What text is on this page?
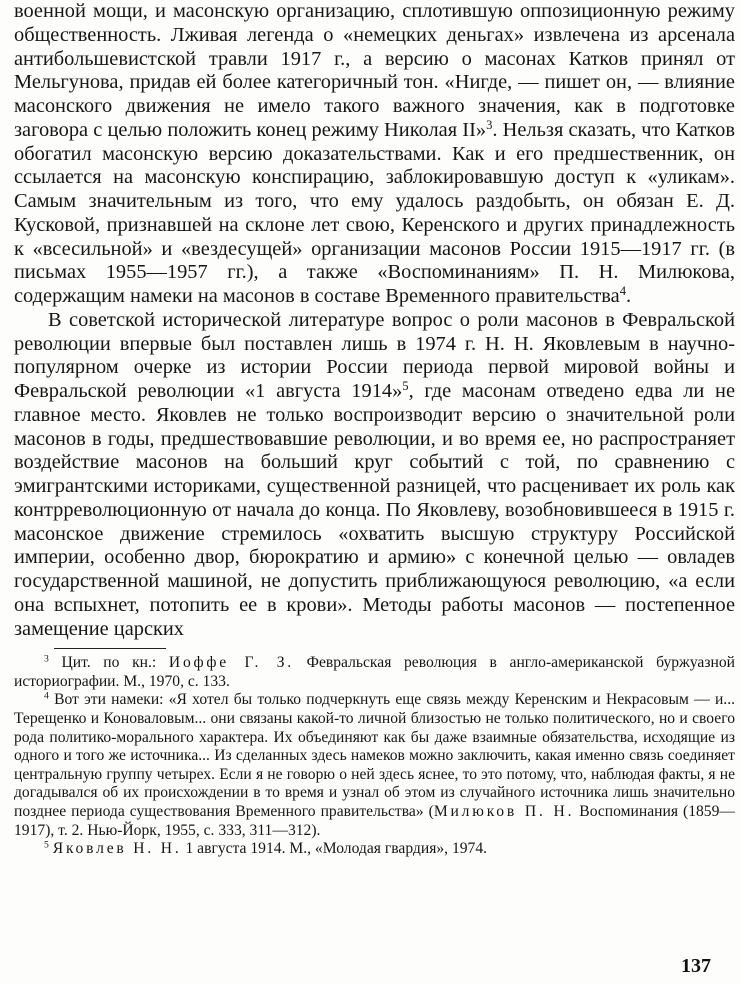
военной мощи, и масонскую организацию, сплотившую оппозиционную режиму общественность. Лживая легенда о «немецких деньгах» извлечена из арсенала антибольшевистской травли 1917 г., а версию о масонах Катков принял от Мельгунова, придав ей более категоричный тон. «Нигде, — пишет он, — влияние масонского движения не имело такого важного значения, как в подготовке заговора с целью положить конец режиму Николая II»$^3$. Нельзя сказать, что Катков обогатил масонскую версию доказательствами. Как и его предшественник, он ссылается на масонскую конспирацию, заблокировавшую доступ к «уликам». Самым значительным из того, что ему удалось раздобыть, он обязан Е. Д. Кусковой, признавшей на склоне лет свою, Керенского и других принадлежность к «всесильной» и «вездесущей» организации масонов России 1915—1917 гг. (в письмах 1955—1957 гг.), а также «Воспоминаниям» П. Н. Милюкова, содержащим намеки на масонов в составе Временного правительства$^4$.

В советской исторической литературе вопрос о роли масонов в Февральской революции впервые был поставлен лишь в 1974 г. Н. Н. Яковлевым в научно-популярном очерке из истории России периода первой мировой войны и Февральской революции «1 августа 1914»$^5$, где масонам отведено едва ли не главное место. Яковлев не только воспроизводит версию о значительной роли масонов в годы, предшествовавшие революции, и во время ее, но распространяет воздействие масонов на больший круг событий с той, по сравнению с эмигрантскими историками, существенной разницей, что расценивает их роль как контрреволюционную от начала до конца. По Яковлеву, возобновившееся в 1915 г. масонское движение стремилось «охватить высшую структуру Российской империи, особенно двор, бюрократию и армию» с конечной целью — овладев государственной машиной, не допустить приближающуюся революцию, «а если она вспыхнет, потопить ее в крови». Методы работы масонов — постепенное замещение царских

$^3$ Цит. по кн.: Иоффе Г. З. Февральская революция в англо-американской буржуазной историографии. М., 1970, с. 133.

$^4$ Вот эти намеки: «Я хотел бы только подчеркнуть еще связь между Керенским и Некрасовым — и... Терещенко и Коноваловым... они связаны какой-то личной близостью не только политического, но и своего рода политико-морального характера. Их объединяют как бы даже взаимные обязательства, исходящие из одного и того же источника... Из сделанных здесь намеков можно заключить, какая именно связь соединяет центральную группу четырех. Если я не говорю о ней здесь яснее, то это потому, что, наблюдая факты, я не догадывался об их происхождении в то время и узнал об этом из случайного источника лишь значительно позднее периода существования Временного правительства» (Милюков П. Н. Воспоминания (1859—1917), т. 2. Нью-Йорк, 1955, с. 333, 311—312).

$^5$ Яковлев Н. Н. 1 августа 1914. М., «Молодая гвардия», 1974.

137
